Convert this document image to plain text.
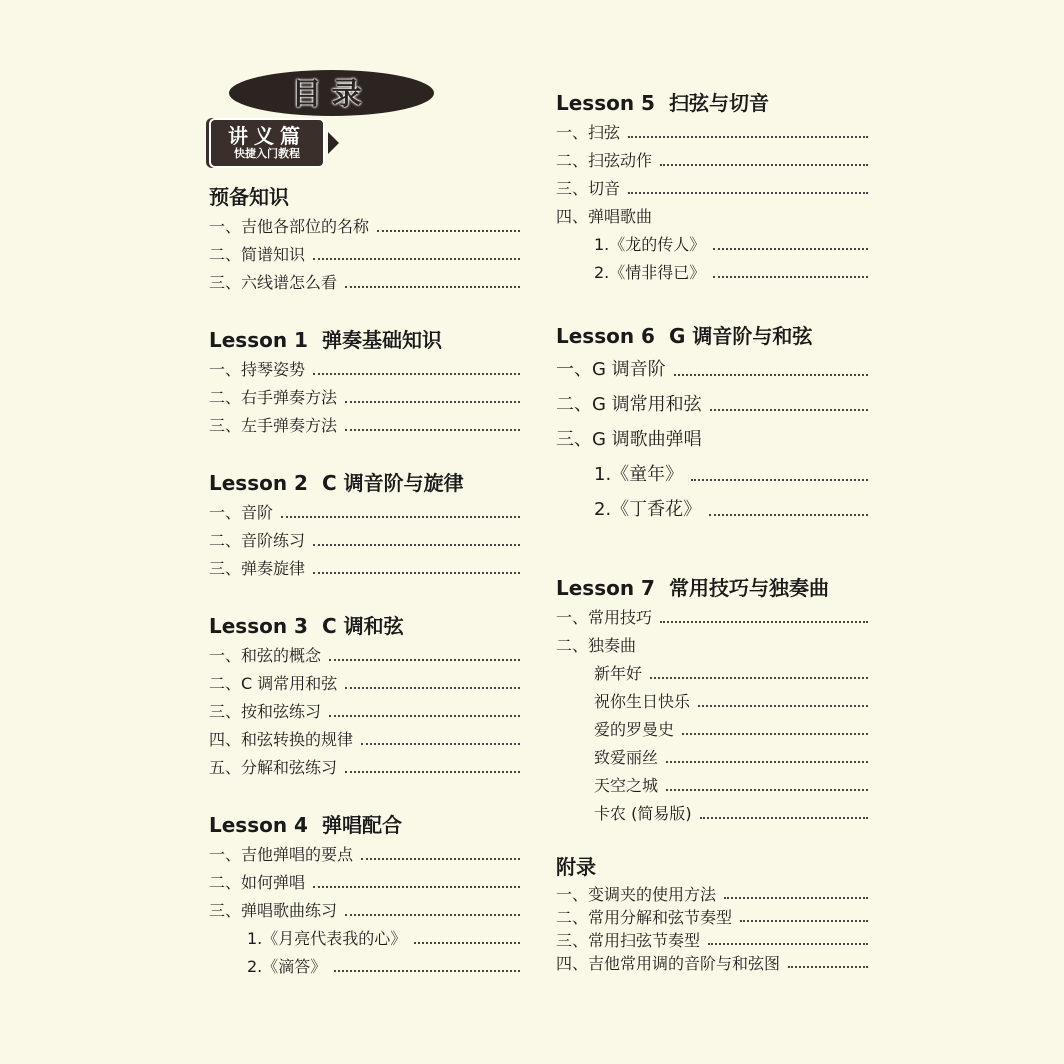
目录
讲义篇
快捷入门教程
预备知识
一、吉他各部位的名称
二、简谱知识
三、六线谱怎么看
Lesson 1 弹奏基础知识
一、持琴姿势
二、右手弹奏方法
三、左手弹奏方法
Lesson 2 C 调音阶与旋律
一、音阶
二、音阶练习
三、弹奏旋律
Lesson 3 C 调和弦
一、和弦的概念
二、C 调常用和弦
三、按和弦练习
四、和弦转换的规律
五、分解和弦练习
Lesson 4 弹唱配合
一、吉他弹唱的要点
二、如何弹唱
三、弹唱歌曲练习
1.《月亮代表我的心》
2.《滴答》
Lesson 5 扫弦与切音
一、扫弦
二、扫弦动作
三、切音
四、弹唱歌曲
1.《龙的传人》
2.《情非得已》
Lesson 6 G 调音阶与和弦
一、G 调音阶
二、G 调常用和弦
三、G 调歌曲弹唱
1.《童年》
2.《丁香花》
Lesson 7 常用技巧与独奏曲
一、常用技巧
二、独奏曲
新年好
祝你生日快乐
爱的罗曼史
致爱丽丝
天空之城
卡农 (简易版)
附录
一、变调夹的使用方法
二、常用分解和弦节奏型
三、常用扫弦节奏型
四、吉他常用调的音阶与和弦图
